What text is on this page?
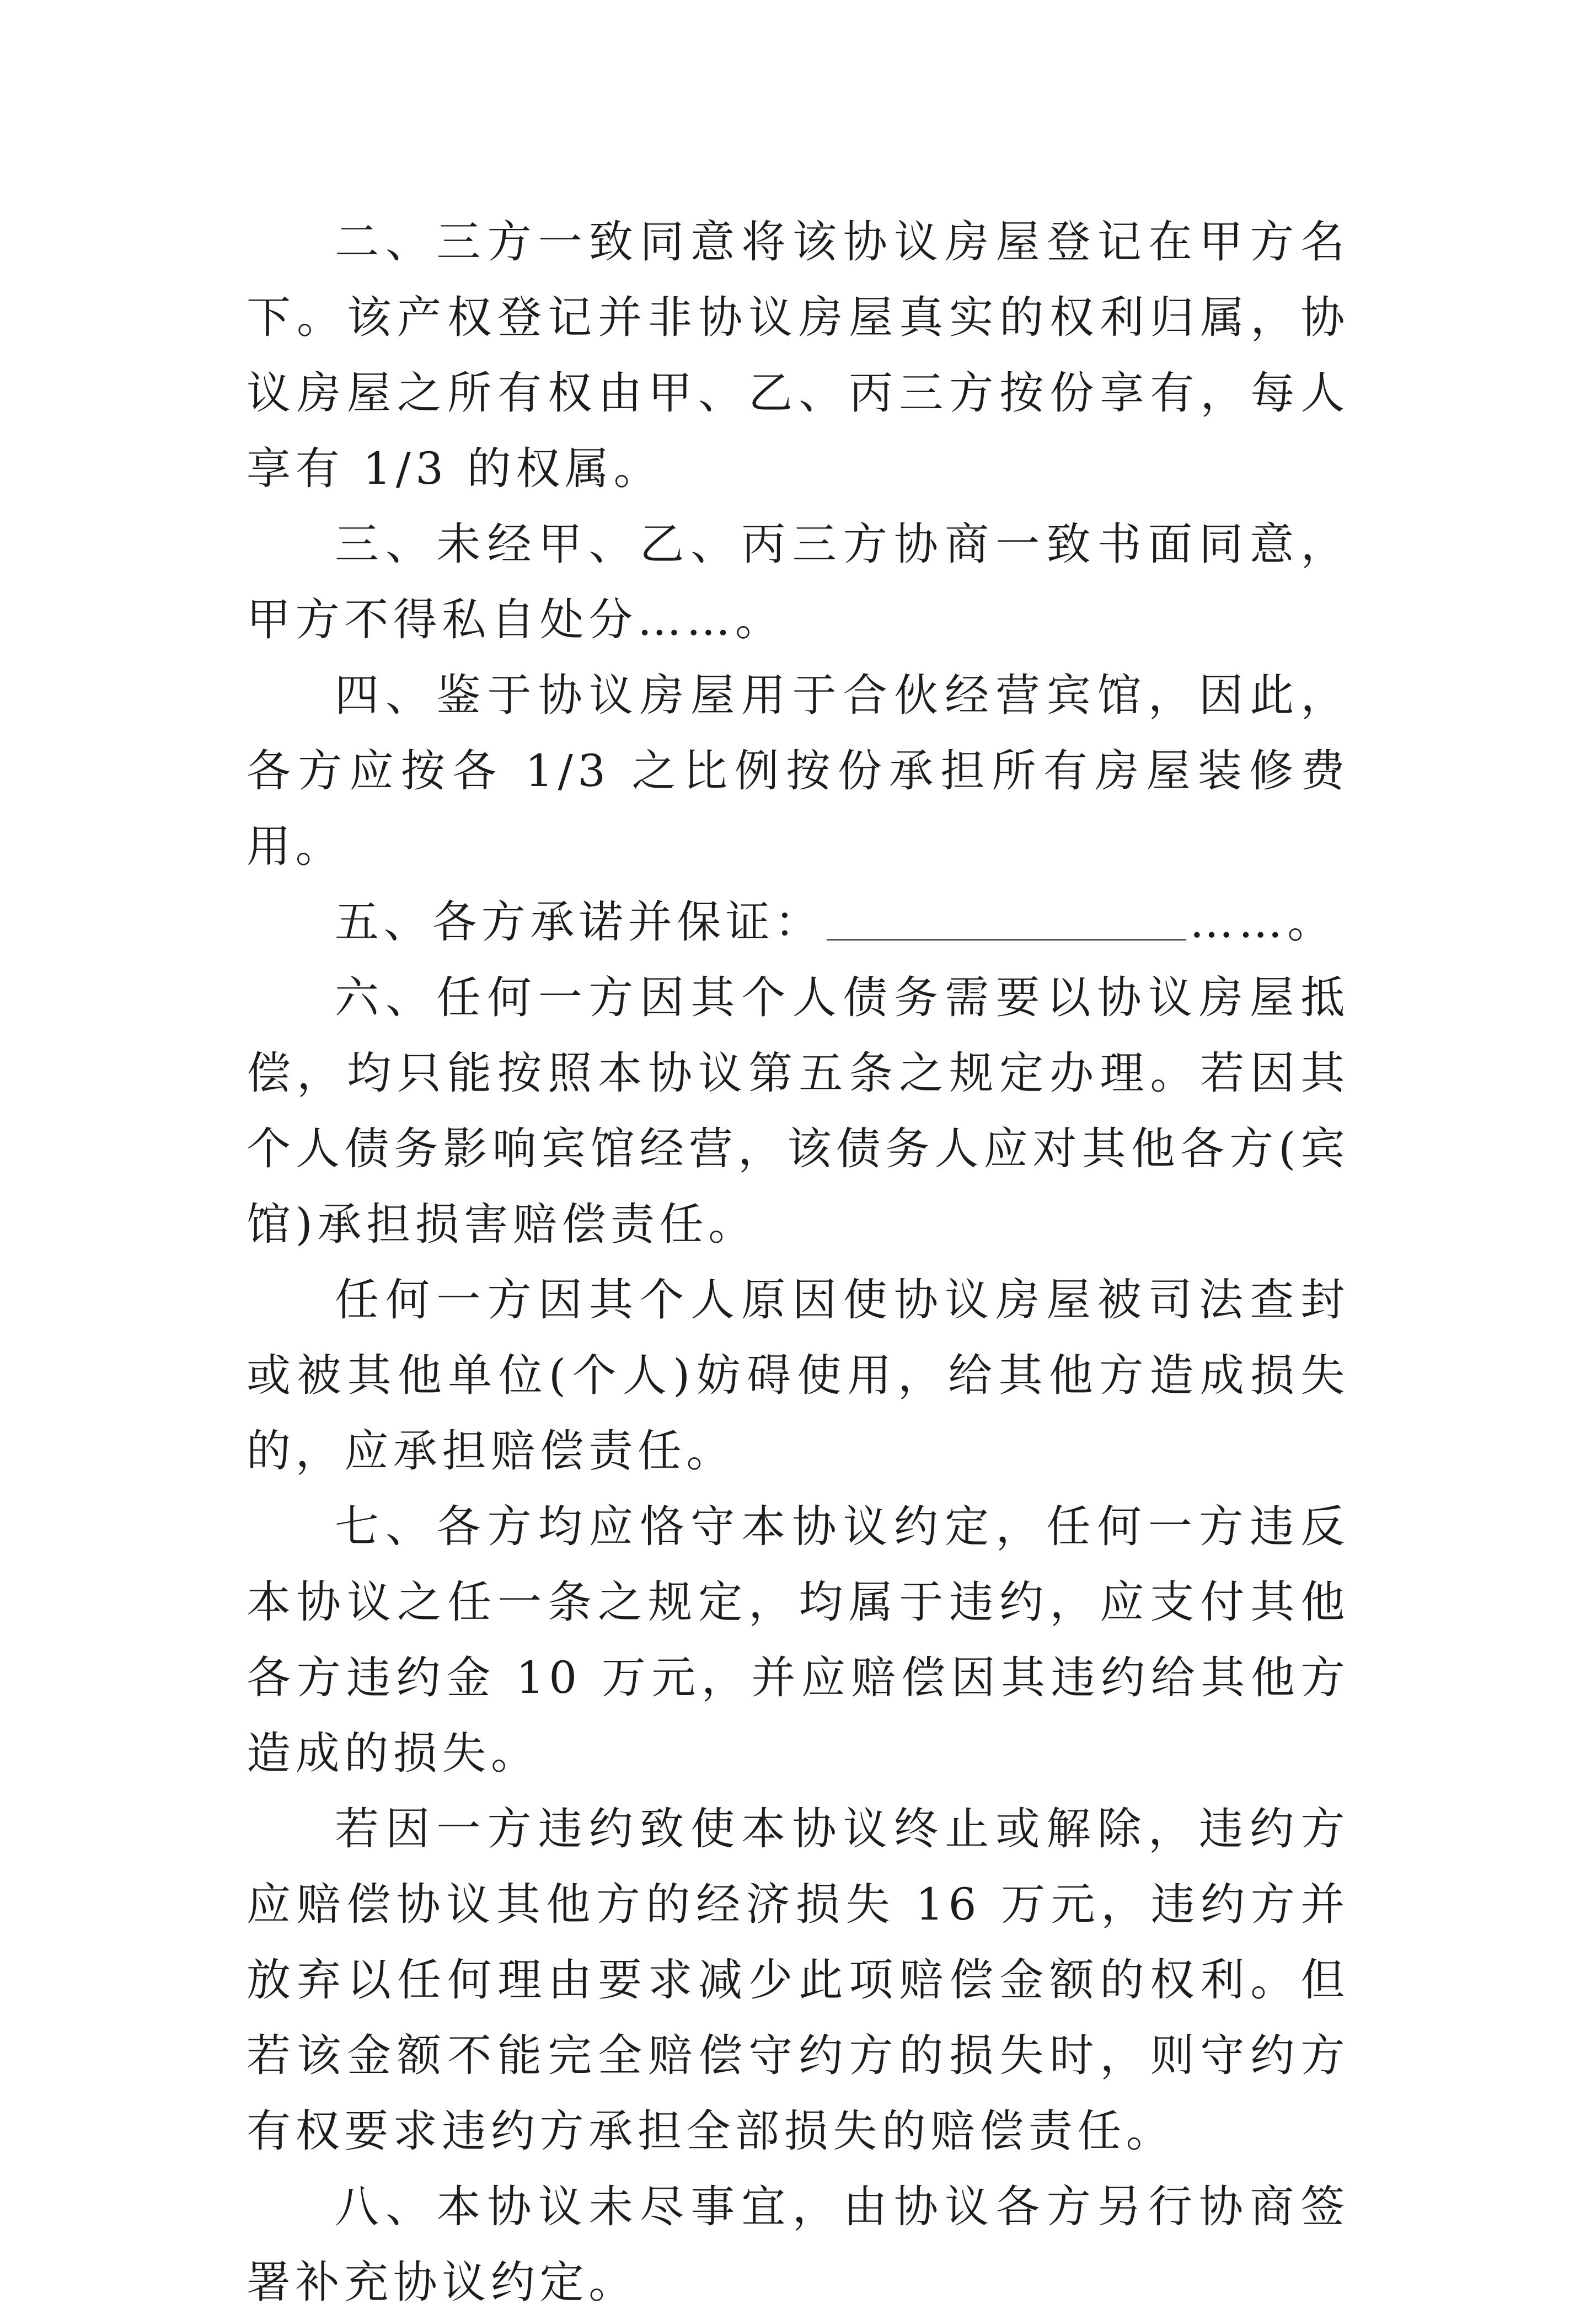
二、三方一致同意将该协议房屋登记在甲方名下。该产权登记并非协议房屋真实的权利归属，协议房屋之所有权由甲、乙、丙三方按份享有，每人享有 1/3 的权属。

三、未经甲、乙、丙三方协商一致书面同意，甲方不得私自处分……。

四、鉴于协议房屋用于合伙经营宾馆，因此，各方应按各 1/3 之比例按份承担所有房屋装修费用。

五、各方承诺并保证：	……。

六、任何一方因其个人债务需要以协议房屋抵偿，均只能按照本协议第五条之规定办理。若因其个人债务影响宾馆经营，该债务人应对其他各方(宾馆)承担损害赔偿责任。

任何一方因其个人原因使协议房屋被司法查封或被其他单位(个人)妨碍使用，给其他方造成损失的，应承担赔偿责任。

七、各方均应恪守本协议约定，任何一方违反本协议之任一条之规定，均属于违约，应支付其他各方违约金 10 万元，并应赔偿因其违约给其他方造成的损失。

若因一方违约致使本协议终止或解除，违约方应赔偿协议其他方的经济损失 16 万元，违约方并放弃以任何理由要求减少此项赔偿金额的权利。但若该金额不能完全赔偿守约方的损失时，则守约方有权要求违约方承担全部损失的赔偿责任。

八、本协议未尽事宜，由协议各方另行协商签署补充协议约定。
